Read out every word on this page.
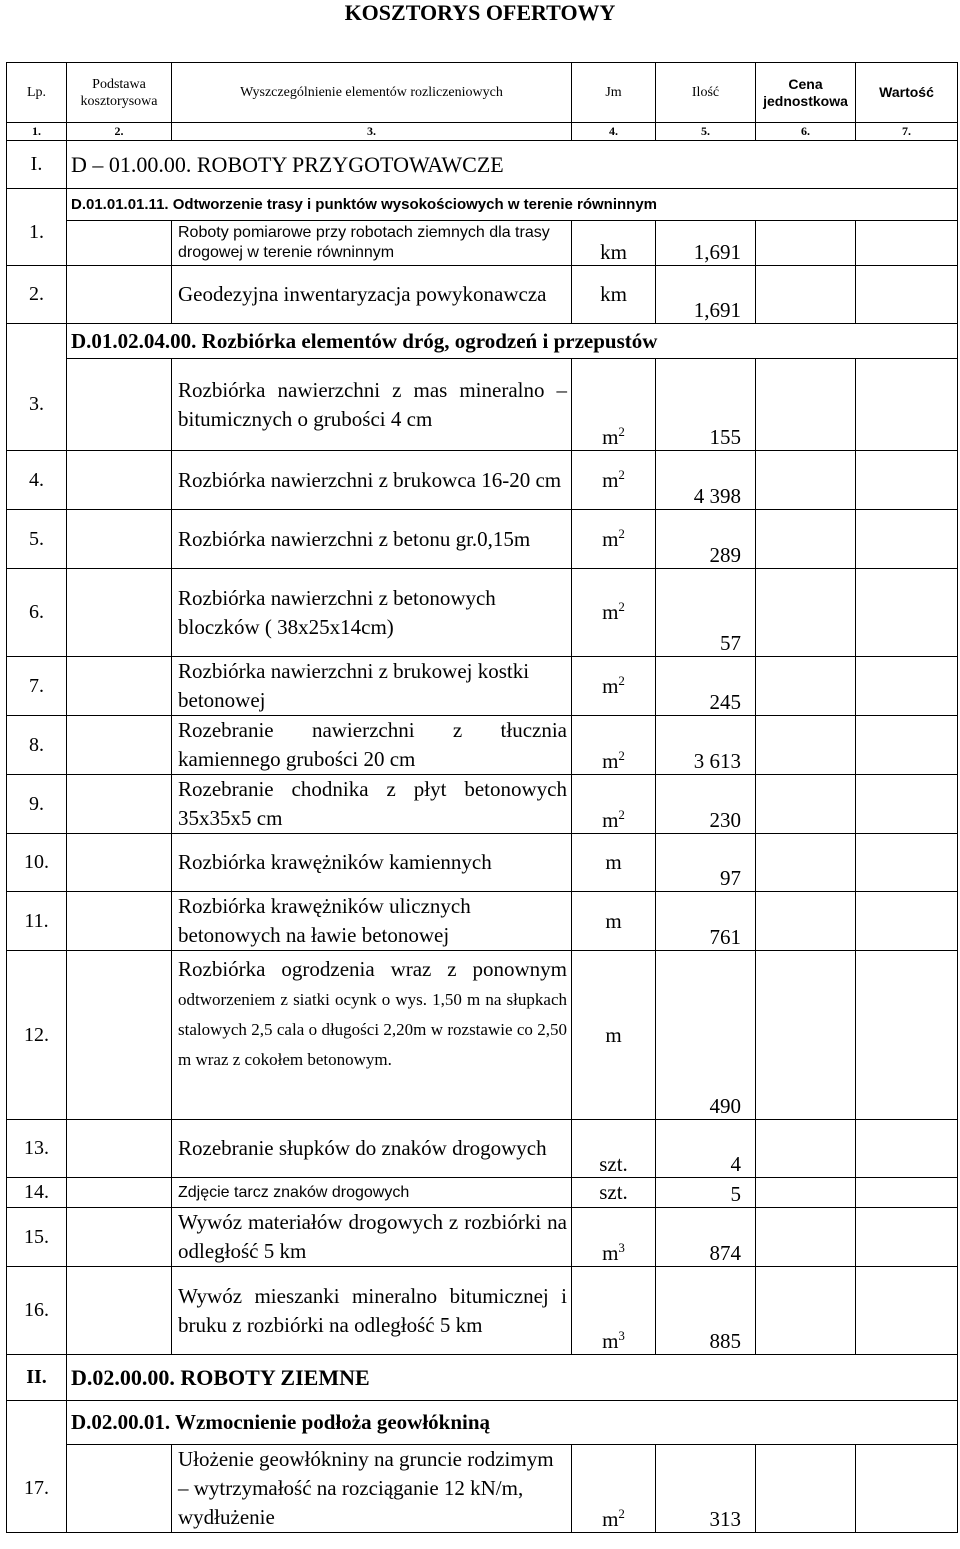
KOSZTORYS OFERTOWY
Lp.	Podstawa kosztorysowa	Wyszczególnienie elementów rozliczeniowych	Jm	Ilość	Cena jednostkowa	Wartość
1.	2.	3.	4.	5.	6.	7.
I.	D – 01.00.00. ROBOTY PRZYGOTOWAWCZE					
	D.01.01.01.11. Odtworzenie trasy i punktów wysokościowych w terenie równinnym					
1.		Roboty pomiarowe przy robotach ziemnych dla trasy drogowej w terenie równinnym	km	1,691		
2.		Geodezyjna inwentaryzacja powykonawcza	km	1,691		
	D.01.02.04.00. Rozbiórka elementów dróg, ogrodzeń i przepustów					
3.		Rozbiórka nawierzchni z mas mineralno – bitumicznych o grubości 4 cm	$m^2$	155		
4.		Rozbiórka nawierzchni z brukowca 16-20 cm	$m^2$	4 398		
5.		Rozbiórka nawierzchni z betonu gr.0,15m	$m^2$	289		
6.		Rozbiórka nawierzchni z betonowych bloczków ( 38x25x14cm)	$m^2$	57		
7.		Rozbiórka nawierzchni z brukowej kostki betonowej	$m^2$	245		
8.		Rozebranie nawierzchni z tłucznia kamiennego grubości 20 cm	$m^2$	3 613		
9.		Rozebranie chodnika z płyt betonowych 35x35x5 cm	$m^2$	230		
10.		Rozbiórka krawężników kamiennych	m	97		
11.		Rozbiórka krawężników ulicznych betonowych na ławie betonowej	m	761		
12.		Rozbiórka ogrodzenia wraz z ponownym odtworzeniem z siatki ocynk o wys. 1,50 m na słupkach stalowych 2,5 cala o długości 2,20m w rozstawie co 2,50 m wraz z cokołem betonowym.	m	490		
13.		Rozebranie słupków do znaków drogowych	szt.	4		
14.		Zdjęcie tarcz znaków drogowych	szt.	5		
15.		Wywóz materiałów drogowych z rozbiórki na odległość 5 km	$m^3$	874		
16.		Wywóz mieszanki mineralno bitumicznej i bruku z rozbiórki na odległość 5 km	$m^3$	885		
II.	D.02.00.00. ROBOTY ZIEMNE					
	D.02.00.01. Wzmocnienie podłoża geowłókniną					
17.		Ułożenie geowłókniny na gruncie rodzimym – wytrzymałość na rozciąganie 12 kN/m, wydłużenie	$m^2$	313		
